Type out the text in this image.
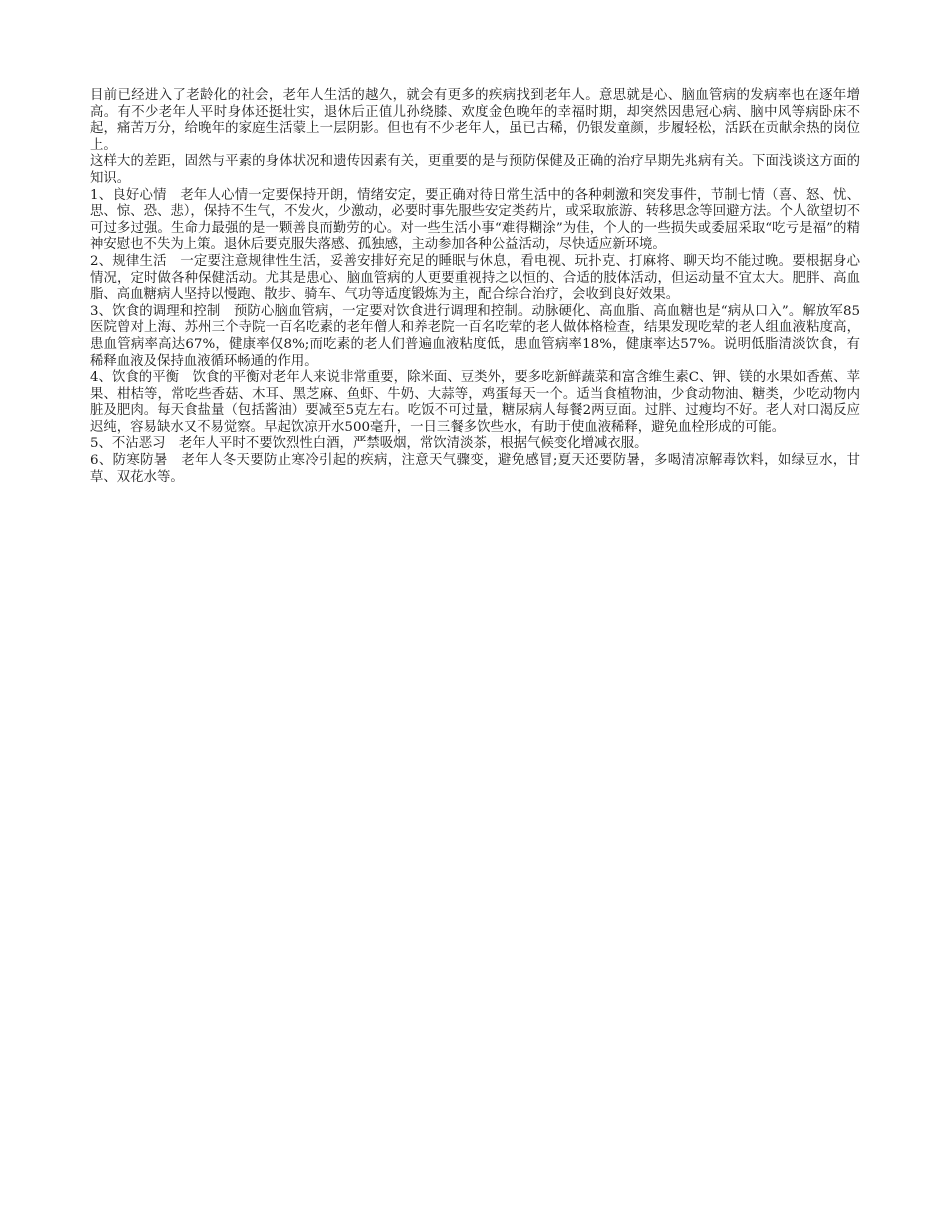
目前已经进入了老龄化的社会，老年人生活的越久，就会有更多的疾病找到老年人。意思就是心、脑血管病的发病率也在逐年增高。有不少老年人平时身体还挺壮实，退休后正值儿孙绕膝、欢度金色晚年的幸福时期，却突然因患冠心病、脑中风等病卧床不起，痛苦万分，给晚年的家庭生活蒙上一层阴影。但也有不少老年人，虽已古稀，仍银发童颜，步履轻松，活跃在贡献余热的岗位上。

这样大的差距，固然与平素的身体状况和遗传因素有关，更重要的是与预防保健及正确的治疗早期先兆病有关。下面浅谈这方面的知识。

1、良好心情　老年人心情一定要保持开朗，情绪安定，要正确对待日常生活中的各种刺激和突发事件，节制七情（喜、怒、忧、思、惊、恐、悲），保持不生气，不发火，少激动，必要时事先服些安定类药片，或采取旅游、转移思念等回避方法。个人欲望切不可过多过强。生命力最强的是一颗善良而勤劳的心。对一些生活小事“难得糊涂”为佳，个人的一些损失或委屈采取“吃亏是福”的精神安慰也不失为上策。退休后要克服失落感、孤独感，主动参加各种公益活动，尽快适应新环境。

2、规律生活　一定要注意规律性生活，妥善安排好充足的睡眠与休息，看电视、玩扑克、打麻将、聊天均不能过晚。要根据身心情况，定时做各种保健活动。尤其是患心、脑血管病的人更要重视持之以恒的、合适的肢体活动，但运动量不宜太大。肥胖、高血脂、高血糖病人坚持以慢跑、散步、骑车、气功等适度锻炼为主，配合综合治疗，会收到良好效果。

3、饮食的调理和控制　预防心脑血管病，一定要对饮食进行调理和控制。动脉硬化、高血脂、高血糖也是“病从口入”。解放军85医院曾对上海、苏州三个寺院一百名吃素的老年僧人和养老院一百名吃荤的老人做体格检查，结果发现吃荤的老人组血液粘度高，患血管病率高达67%，健康率仅8%;而吃素的老人们普遍血液粘度低，患血管病率18%，健康率达57%。说明低脂清淡饮食，有稀释血液及保持血液循环畅通的作用。

4、饮食的平衡　饮食的平衡对老年人来说非常重要，除米面、豆类外，要多吃新鲜蔬菜和富含维生素C、钾、镁的水果如香蕉、苹果、柑桔等，常吃些香菇、木耳、黑芝麻、鱼虾、牛奶、大蒜等，鸡蛋每天一个。适当食植物油，少食动物油、糖类，少吃动物内脏及肥肉。每天食盐量（包括酱油）要减至5克左右。吃饭不可过量，糖尿病人每餐2两豆面。过胖、过瘦均不好。老人对口渴反应迟纯，容易缺水又不易觉察。早起饮凉开水500毫升，一日三餐多饮些水，有助于使血液稀释，避免血栓形成的可能。

5、不沾恶习　老年人平时不要饮烈性白酒，严禁吸烟，常饮清淡茶，根据气候变化增减衣服。

6、防寒防暑　老年人冬天要防止寒冷引起的疾病，注意天气骤变，避免感冒;夏天还要防暑，多喝清凉解毒饮料，如绿豆水，甘草、双花水等。
